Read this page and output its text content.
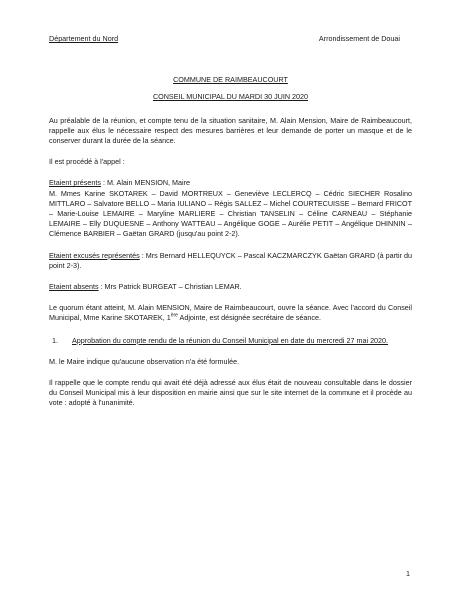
Département du Nord	Arrondissement de Douai
COMMUNE DE RAIMBEAUCOURT
CONSEIL MUNICIPAL DU MARDI 30 JUIN 2020

Au préalable de la réunion, et compte tenu de la situation sanitaire, M. Alain Mension, Maire de Raimbeaucourt, rappelle aux élus le nécessaire respect des mesures barrières et leur demande de porter un masque et de le conserver durant la durée de la séance.

Il est procédé à l'appel :

Etaient présents : M. Alain MENSION, Maire
M. Mmes Karine SKOTAREK – David MORTREUX – Geneviève LECLERCQ – Cédric SIECHER Rosalino MITTLARO – Salvatore BELLO – Maria IULIANO – Régis SALLEZ – Michel COURTECUISSE – Bernard FRICOT – Marie-Louise LEMAIRE – Maryline MARLIERE – Christian TANSELIN – Céline CARNEAU – Stéphanie LEMAIRE – Elly DUQUESNE – Anthony WATTEAU – Angélique GOGE – Aurélie PETIT – Angélique DHINNIN – Clémence BARBIER – Gaëtan GRARD (jusqu'au point 2-2).

Etaient excusés représentés : Mrs Bernard HELLEQUYCK – Pascal KACZMARCZYK Gaëtan GRARD (à partir du point 2-3).

Etaient absents : Mrs Patrick BURGEAT – Christian LEMAR.

Le quorum étant atteint, M. Alain MENSION, Maire de Raimbeaucourt, ouvre la séance. Avec l'accord du Conseil Municipal, Mme Karine SKOTAREK, 1ère Adjointe, est désignée secrétaire de séance.

1.	Approbation du compte rendu de la réunion du Conseil Municipal en date du mercredi 27 mai 2020.

M. le Maire indique qu'aucune observation n'a été formulée.

Il rappelle que le compte rendu qui avait été déjà adressé aux élus était de nouveau consultable dans le dossier du Conseil Municipal mis à leur disposition en mairie ainsi que sur le site internet de la commune et il procède au vote : adopté à l'unanimité.

1
